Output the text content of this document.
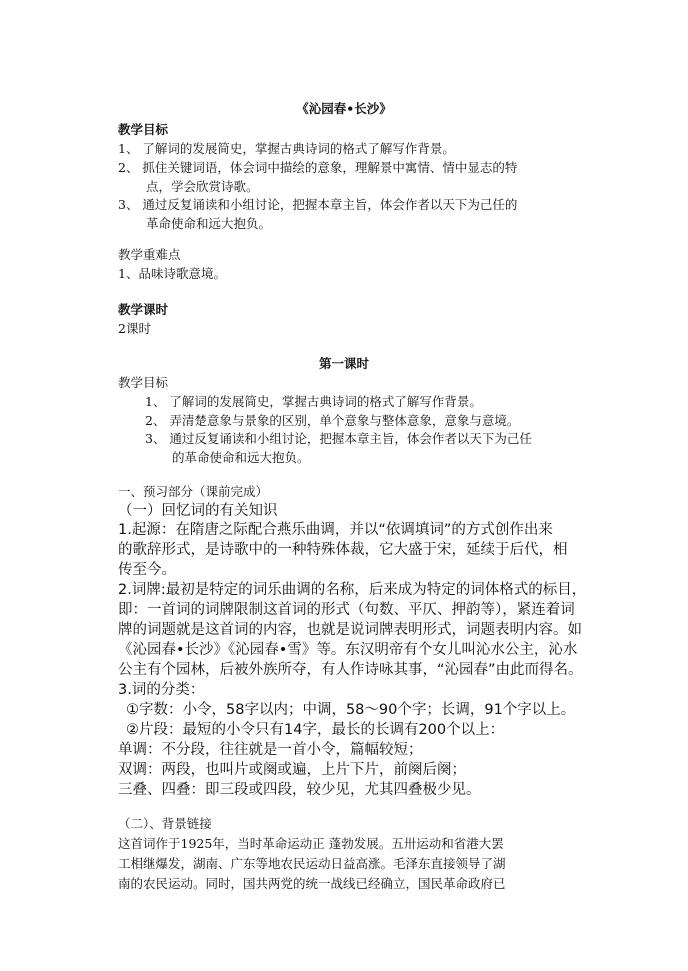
《沁园春•长沙》
教学目标
1、 了解词的发展简史，掌握古典诗词的格式了解写作背景。
2、 抓住关键词语，体会词中描绘的意象，理解景中寓情、情中显志的特
点，学会欣赏诗歌。
3、 通过反复诵读和小组讨论，把握本章主旨，体会作者以天下为己任的
革命使命和远大抱负。
教学重难点
1、品味诗歌意境。
教学课时
2课时
第一课时
教学目标
1、 了解词的发展简史，掌握古典诗词的格式了解写作背景。
2、 弄清楚意象与景象的区别，单个意象与整体意象，意象与意境。
3、 通过反复诵读和小组讨论，把握本章主旨，体会作者以天下为己任
的革命使命和远大抱负。
一、预习部分（课前完成）
（一）回忆词的有关知识
1.起源：在隋唐之际配合燕乐曲调，并以“依调填词”的方式创作出来
的歌辞形式，是诗歌中的一种特殊体裁，它大盛于宋，延续于后代，相
传至今。
2.词牌:最初是特定的词乐曲调的名称，后来成为特定的词体格式的标目，
即：一首词的词牌限制这首词的形式（句数、平仄、押韵等），紧连着词
牌的词题就是这首词的内容，也就是说词牌表明形式，词题表明内容。如
《沁园春•长沙》《沁园春•雪》等。东汉明帝有个女儿叫沁水公主，沁水
公主有个园林，后被外族所夺，有人作诗咏其事，“沁园春”由此而得名。
3.词的分类：
①字数：小令，58字以内；中调，58～90个字；长调，91个字以上。
②片段：最短的小令只有14字，最长的长调有200个以上：
单调：不分段，往往就是一首小令，篇幅较短；
双调：两段，也叫片或阕或遍，上片下片，前阕后阕；
三叠、四叠：即三段或四段，较少见，尤其四叠极少见。
（二）、背景链接
这首词作于1925年，当时革命运动正 蓬勃发展。五卅运动和省港大罢
工相继爆发，湖南、广东等地农民运动日益高涨。毛泽东直接领导了湖
南的农民运动。同时，国共两党的统一战线已经确立，国民革命政府已
